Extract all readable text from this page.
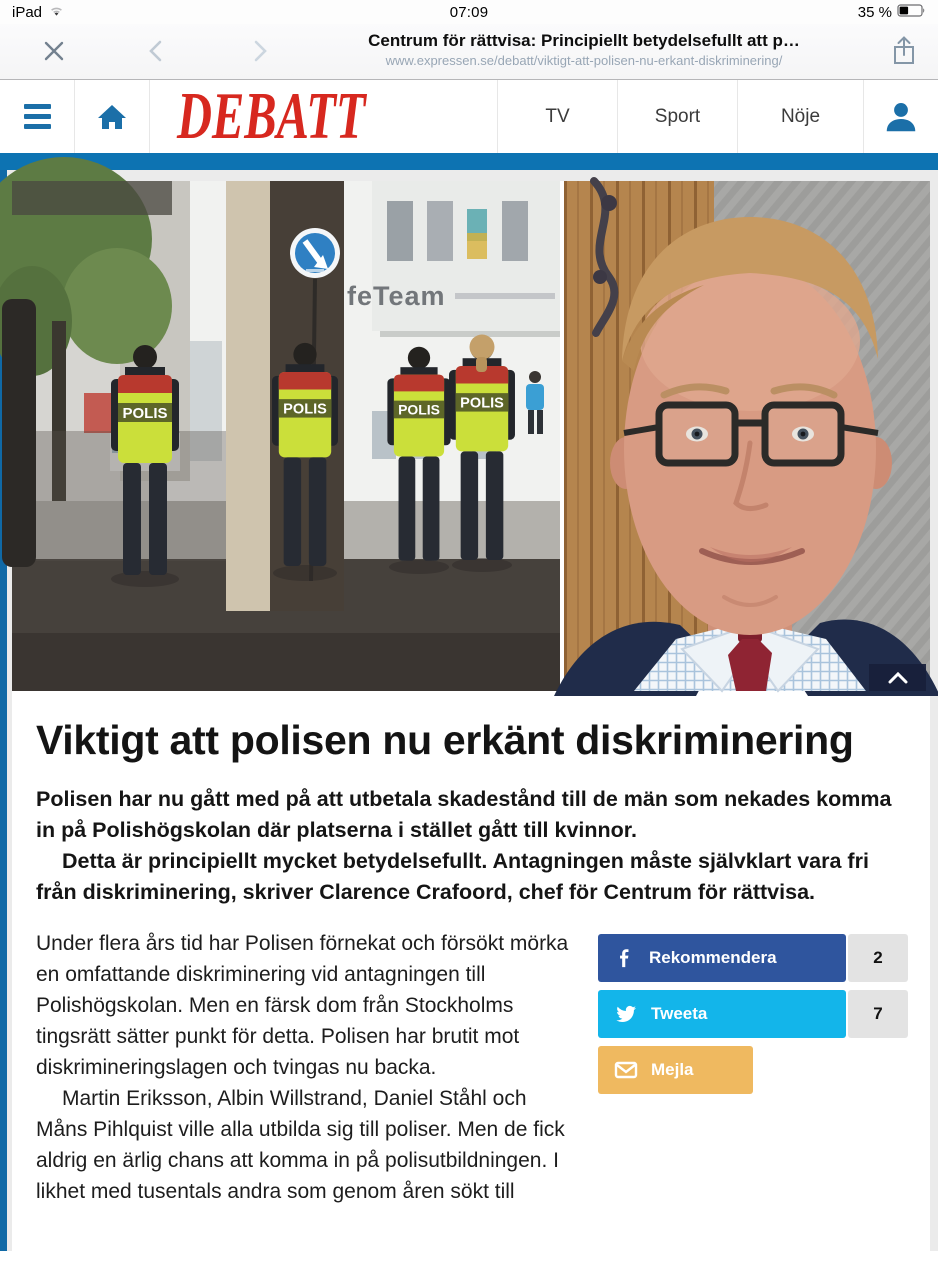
iPad	07:09	35 %
Centrum för rättvisa: Principiellt betydelsefullt att p…
www.expressen.se/debatt/viktigt-att-polisen-nu-erkant-diskriminering/
DEBATT	TV	Sport	Nöje
feTeam
Viktigt att polisen nu erkänt diskriminering

Polisen har nu gått med på att utbetala skadestånd till de män som nekades komma in på Polishögskolan där platserna i stället gått till kvinnor.

Detta är principiellt mycket betydelsefullt. Antagningen måste självklart vara fri från diskriminering, skriver Clarence Crafoord, chef för Centrum för rättvisa.

Rekommendera	2
Tweeta	7
Mejla

Under flera års tid har Polisen förnekat och försökt mörka en omfattande diskriminering vid antagningen till Polishögskolan. Men en färsk dom från Stockholms tingsrätt sätter punkt för detta. Polisen har brutit mot diskrimineringslagen och tvingas nu backa.

Martin Eriksson, Albin Willstrand, Daniel Ståhl och Måns Pihlquist ville alla utbilda sig till poliser. Men de fick aldrig en ärlig chans att komma in på polisutbildningen. I likhet med tusentals andra som genom åren sökt till
